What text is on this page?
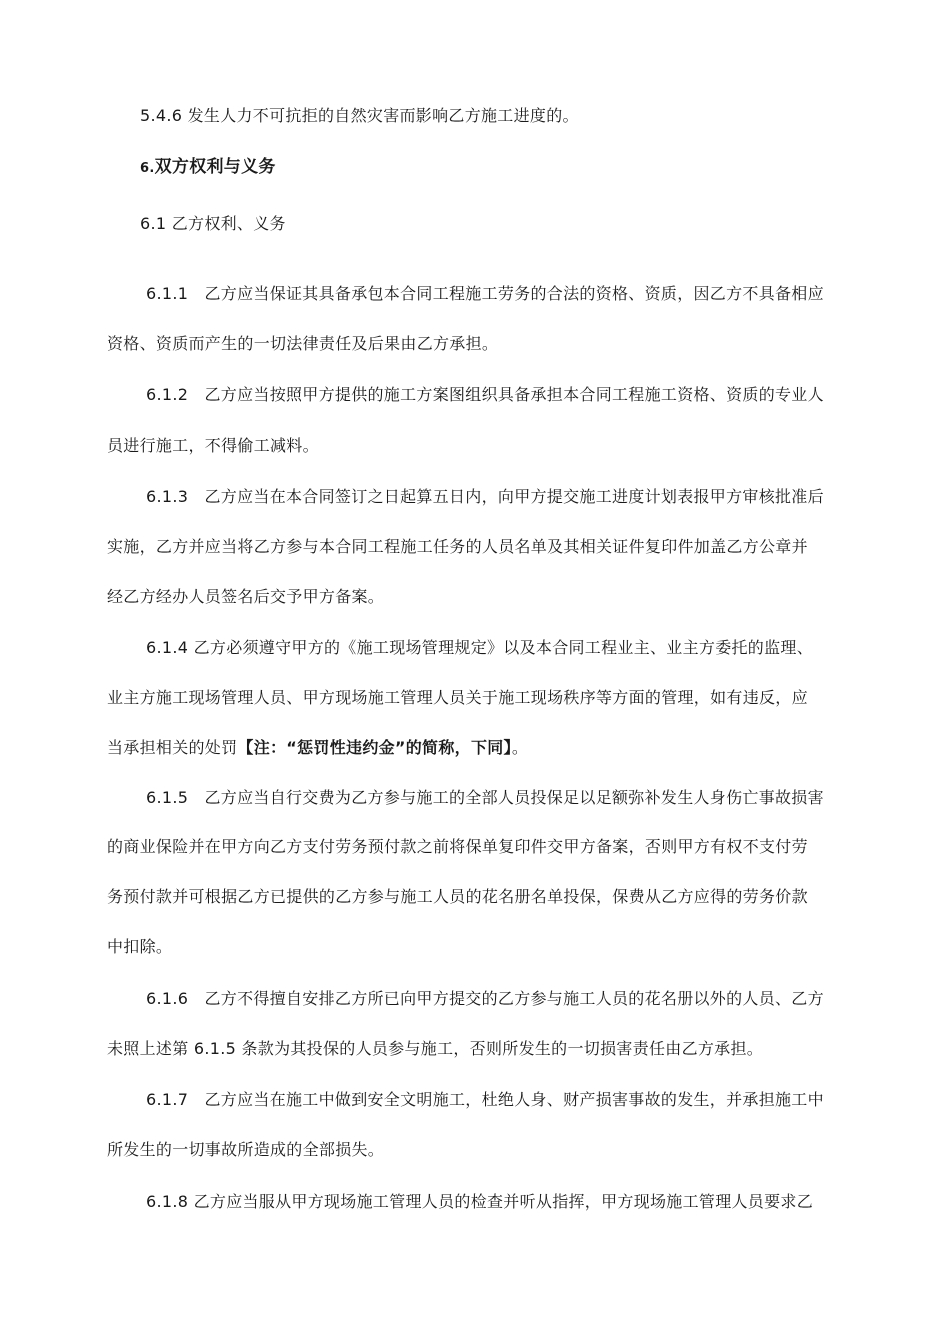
5.4.6 发生人力不可抗拒的自然灾害而影响乙方施工进度的。
6.双方权利与义务
6.1 乙方权利、义务
6.1.1　乙方应当保证其具备承包本合同工程施工劳务的合法的资格、资质，因乙方不具备相应
资格、资质而产生的一切法律责任及后果由乙方承担。
6.1.2　乙方应当按照甲方提供的施工方案图组织具备承担本合同工程施工资格、资质的专业人
员进行施工，不得偷工减料。
6.1.3　乙方应当在本合同签订之日起算五日内，向甲方提交施工进度计划表报甲方审核批准后
实施，乙方并应当将乙方参与本合同工程施工任务的人员名单及其相关证件复印件加盖乙方公章并
经乙方经办人员签名后交予甲方备案。
6.1.4 乙方必须遵守甲方的《施工现场管理规定》以及本合同工程业主、业主方委托的监理、
业主方施工现场管理人员、甲方现场施工管理人员关于施工现场秩序等方面的管理，如有违反，应
当承担相关的处罚【注：“惩罚性违约金”的简称，下同】。
6.1.5　乙方应当自行交费为乙方参与施工的全部人员投保足以足额弥补发生人身伤亡事故损害
的商业保险并在甲方向乙方支付劳务预付款之前将保单复印件交甲方备案，否则甲方有权不支付劳
务预付款并可根据乙方已提供的乙方参与施工人员的花名册名单投保，保费从乙方应得的劳务价款
中扣除。
6.1.6　乙方不得擅自安排乙方所已向甲方提交的乙方参与施工人员的花名册以外的人员、乙方
未照上述第 6.1.5 条款为其投保的人员参与施工，否则所发生的一切损害责任由乙方承担。
6.1.7　乙方应当在施工中做到安全文明施工，杜绝人身、财产损害事故的发生，并承担施工中
所发生的一切事故所造成的全部损失。
6.1.8 乙方应当服从甲方现场施工管理人员的检查并听从指挥，甲方现场施工管理人员要求乙
